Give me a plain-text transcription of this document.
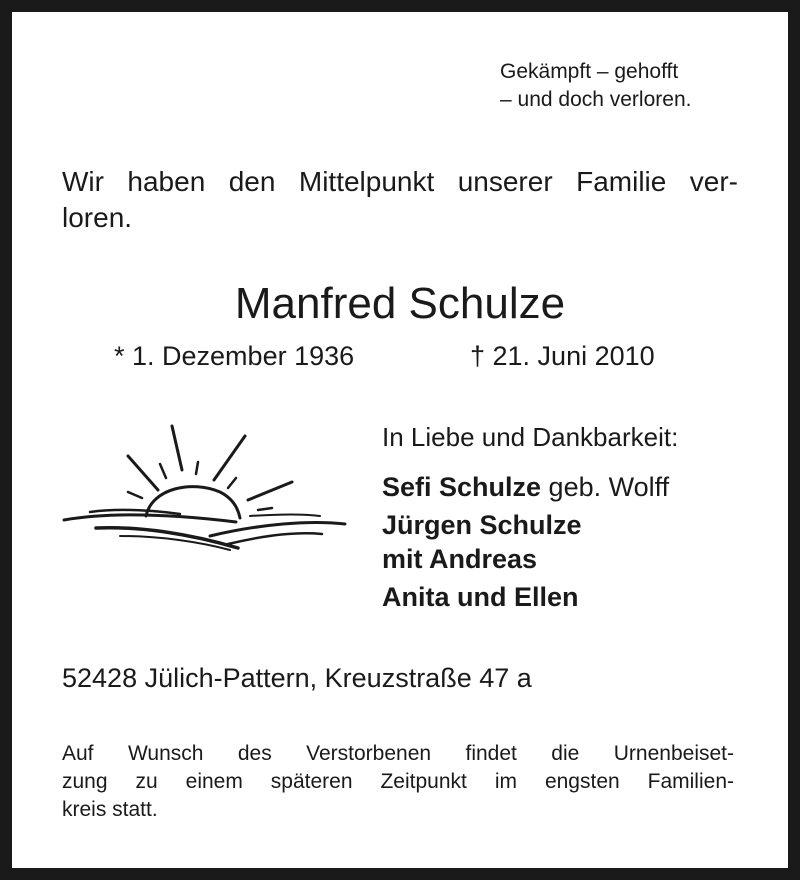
Gekämpft – gehofft
– und doch verloren.
Wir haben den Mittelpunkt unserer Familie ver-
loren.
Manfred Schulze
* 1. Dezember 1936	† 21. Juni 2010
In Liebe und Dankbarkeit:
Sefi Schulze geb. Wolff
Jürgen Schulze
mit Andreas
Anita und Ellen
52428 Jülich-Pattern, Kreuzstraße 47 a
Auf Wunsch des Verstorbenen findet die Urnenbeiset-
zung zu einem späteren Zeitpunkt im engsten Familien-
kreis statt.
